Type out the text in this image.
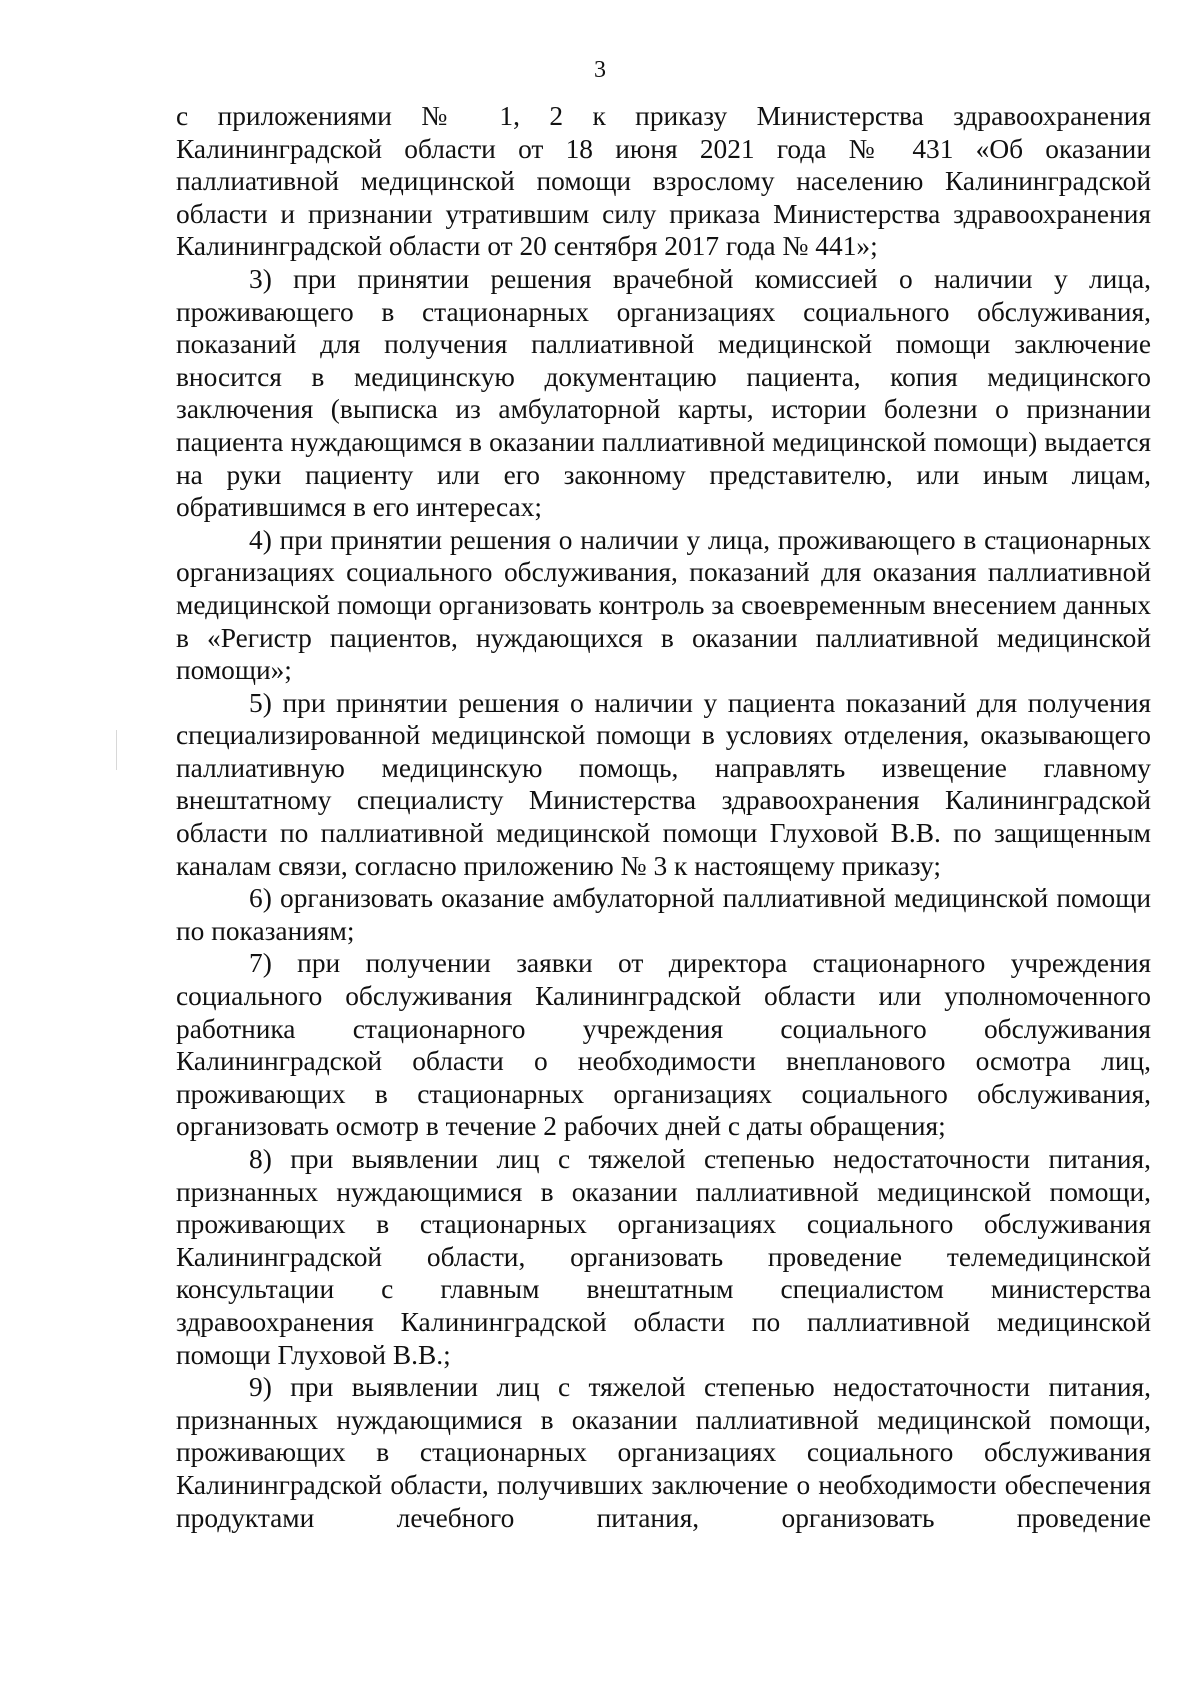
3

с приложениями № 1, 2 к приказу Министерства здравоохранения Калининградской области от 18 июня 2021 года № 431 «Об оказании паллиативной медицинской помощи взрослому населению Калининградской области и признании утратившим силу приказа Министерства здравоохранения Калининградской области от 20 сентября 2017 года № 441»;

3) при принятии решения врачебной комиссией о наличии у лица, проживающего в стационарных организациях социального обслуживания, показаний для получения паллиативной медицинской помощи заключение вносится в медицинскую документацию пациента, копия медицинского заключения (выписка из амбулаторной карты, истории болезни о признании пациента нуждающимся в оказании паллиативной медицинской помощи) выдается на руки пациенту или его законному представителю, или иным лицам, обратившимся в его интересах;

4) при принятии решения о наличии у лица, проживающего в стационарных организациях социального обслуживания, показаний для оказания паллиативной медицинской помощи организовать контроль за своевременным внесением данных в «Регистр пациентов, нуждающихся в оказании паллиативной медицинской помощи»;

5) при принятии решения о наличии у пациента показаний для получения специализированной медицинской помощи в условиях отделения, оказывающего паллиативную медицинскую помощь, направлять извещение главному внештатному специалисту Министерства здравоохранения Калининградской области по паллиативной медицинской помощи Глуховой В.В. по защищенным каналам связи, согласно приложению № 3 к настоящему приказу;

6) организовать оказание амбулаторной паллиативной медицинской помощи по показаниям;

7) при получении заявки от директора стационарного учреждения социального обслуживания Калининградской области или уполномоченного работника стационарного учреждения социального обслуживания Калининградской области о необходимости внепланового осмотра лиц, проживающих в стационарных организациях социального обслуживания, организовать осмотр в течение 2 рабочих дней с даты обращения;

8) при выявлении лиц с тяжелой степенью недостаточности питания, признанных нуждающимися в оказании паллиативной медицинской помощи, проживающих в стационарных организациях социального обслуживания Калининградской области, организовать проведение телемедицинской консультации с главным внештатным специалистом министерства здравоохранения Калининградской области по паллиативной медицинской помощи Глуховой В.В.;

9) при выявлении лиц с тяжелой степенью недостаточности питания, признанных нуждающимися в оказании паллиативной медицинской помощи, проживающих в стационарных организациях социального обслуживания Калининградской области, получивших заключение о необходимости обеспечения продуктами лечебного питания, организовать проведение
